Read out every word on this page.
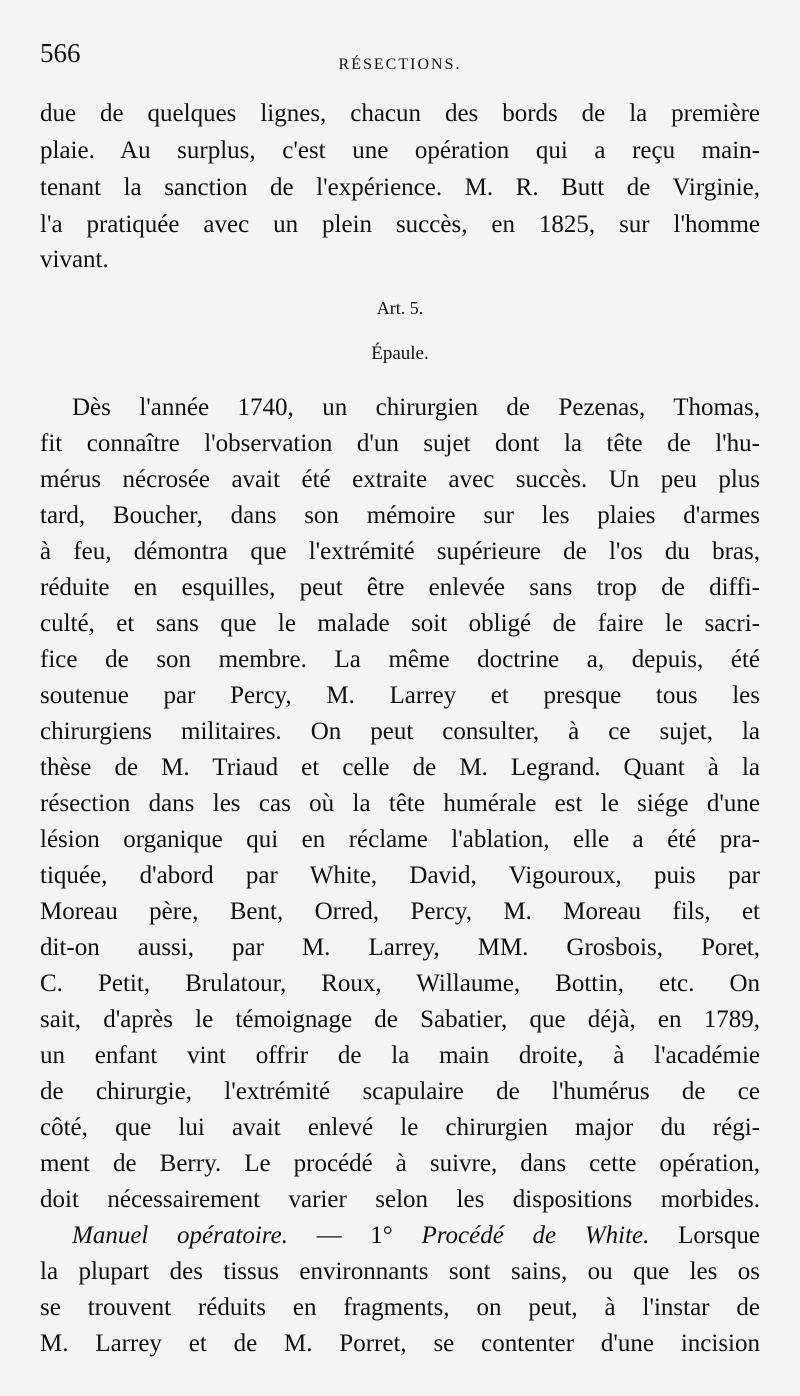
566	RÉSECTIONS.
due de quelques lignes, chacun des bords de la première
plaie. Au surplus, c'est une opération qui a reçu main-
tenant la sanction de l'expérience. M. R. Butt de Virginie,
l'a pratiquée avec un plein succès, en 1825, sur l'homme
vivant.
Art. 5.
Épaule.
Dès l'année 1740, un chirurgien de Pezenas, Thomas,
fit connaître l'observation d'un sujet dont la tête de l'hu-
mérus nécrosée avait été extraite avec succès. Un peu plus
tard, Boucher, dans son mémoire sur les plaies d'armes
à feu, démontra que l'extrémité supérieure de l'os du bras,
réduite en esquilles, peut être enlevée sans trop de diffi-
culté, et sans que le malade soit obligé de faire le sacri-
fice de son membre. La même doctrine a, depuis, été
soutenue par Percy, M. Larrey et presque tous les
chirurgiens militaires. On peut consulter, à ce sujet, la
thèse de M. Triaud et celle de M. Legrand. Quant à la
résection dans les cas où la tête humérale est le siége d'une
lésion organique qui en réclame l'ablation, elle a été pra-
tiquée, d'abord par White, David, Vigouroux, puis par
Moreau père, Bent, Orred, Percy, M. Moreau fils, et
dit-on aussi, par M. Larrey, MM. Grosbois, Poret,
C. Petit, Brulatour, Roux, Willaume, Bottin, etc. On
sait, d'après le témoignage de Sabatier, que déjà, en 1789,
un enfant vint offrir de la main droite, à l'académie
de chirurgie, l'extrémité scapulaire de l'humérus de ce
côté, que lui avait enlevé le chirurgien major du régi-
ment de Berry. Le procédé à suivre, dans cette opération,
doit nécessairement varier selon les dispositions morbides.
Manuel opératoire. — 1° Procédé de White. Lorsque
la plupart des tissus environnants sont sains, ou que les os
se trouvent réduits en fragments, on peut, à l'instar de
M. Larrey et de M. Porret, se contenter d'une incision
